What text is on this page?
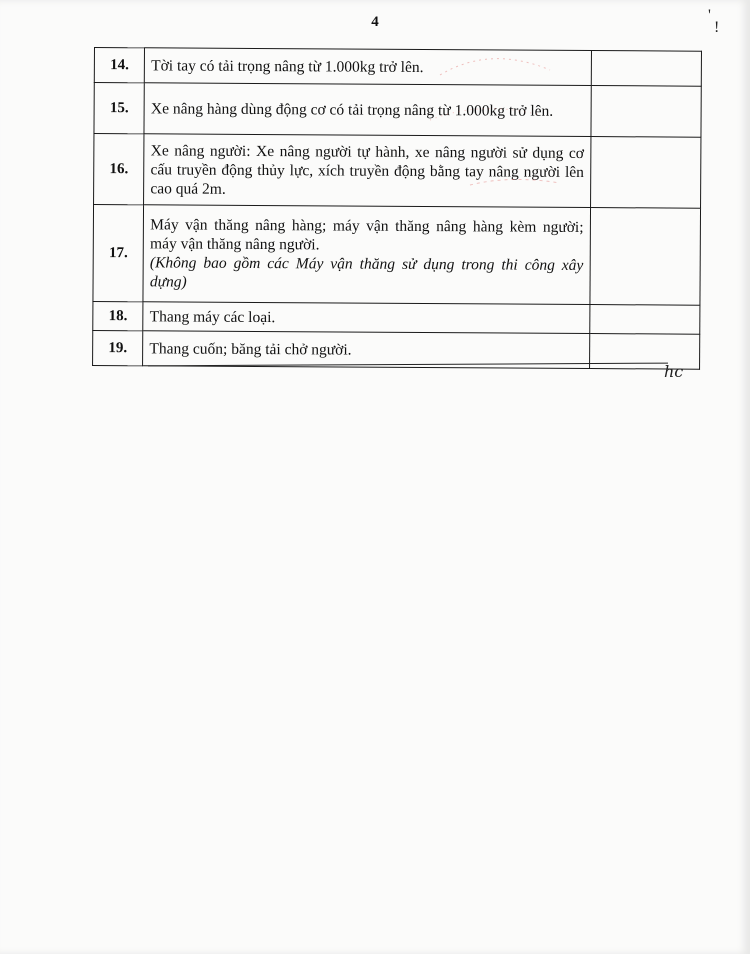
4	'
!
14.	Tời tay có tải trọng nâng từ 1.000kg trở lên.	
15.	Xe nâng hàng dùng động cơ có tải trọng nâng từ 1.000kg trở lên.	
16.	Xe nâng người: Xe nâng người tự hành, xe nâng người sử dụng cơ cấu truyền động thủy lực, xích truyền động bằng tay nâng người lên cao quá 2m.	
17.	Máy vận thăng nâng hàng; máy vận thăng nâng hàng kèm người; máy vận thăng nâng người.
(Không bao gồm các Máy vận thăng sử dụng trong thi công xây dựng)	

18.	Thang máy các loại.	
19.	Thang cuốn; băng tải chở người.	
hc
